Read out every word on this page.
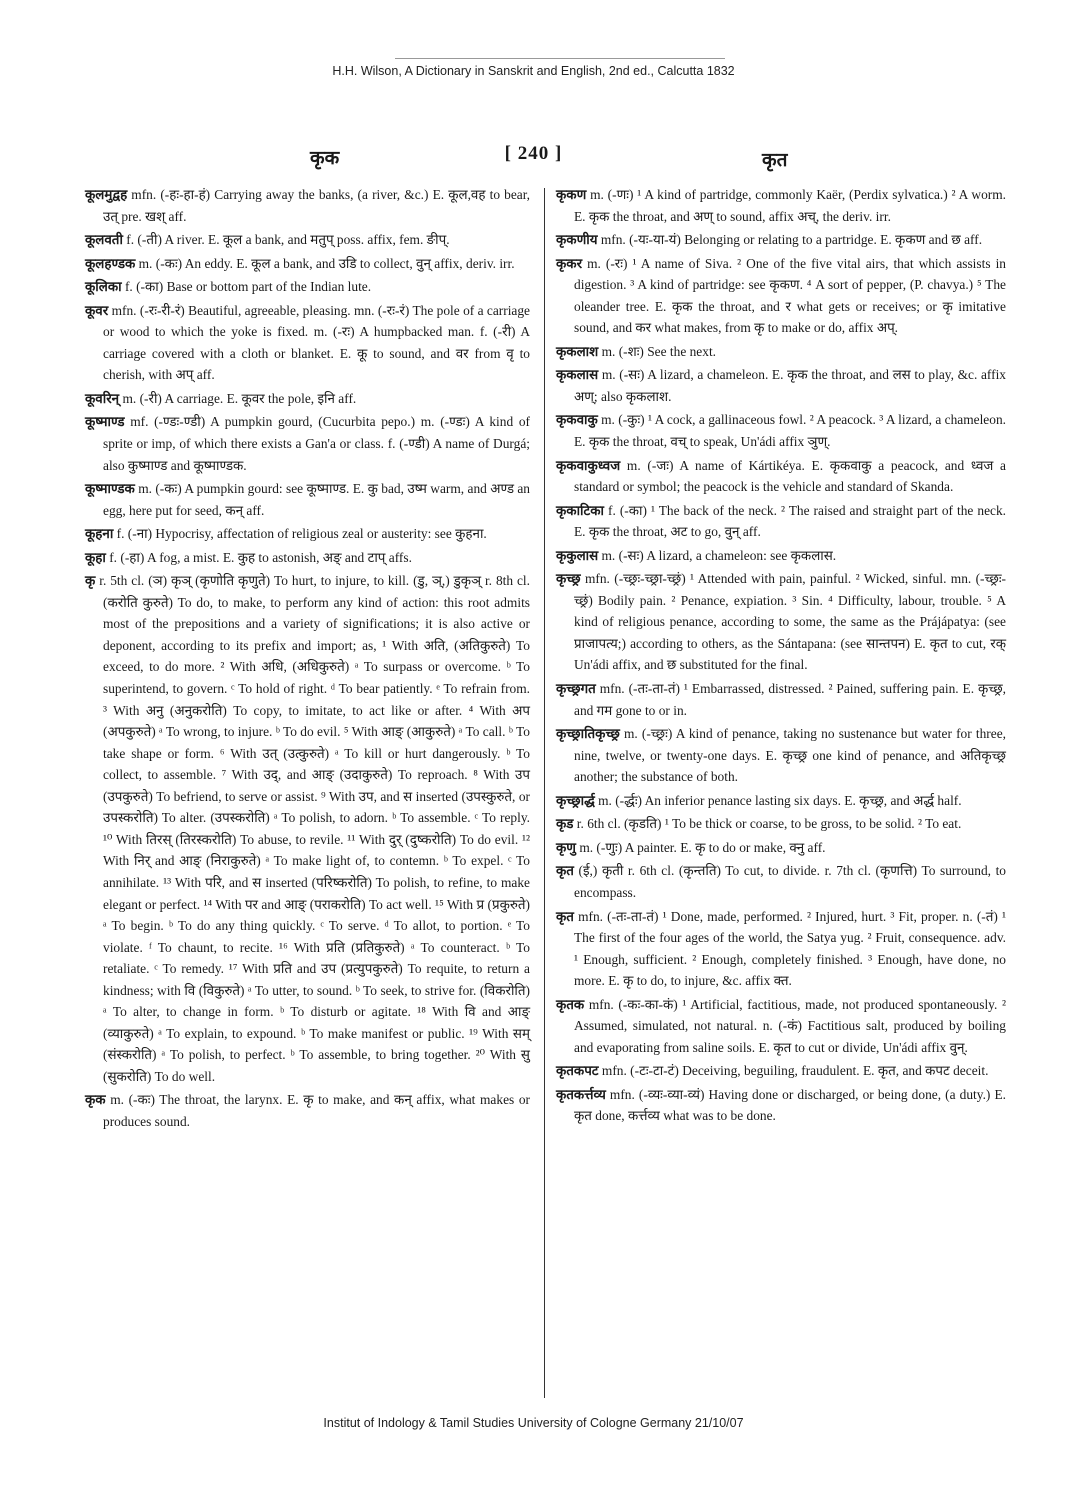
H.H. Wilson, A Dictionary in Sanskrit and English, 2nd ed., Calcutta 1832
कृक	[ 240 ]	कृत
कूलमुद्वह mfn. (-हः-हा-हं) Carrying away the banks, (a river, &c.) E. कूल,वह to bear, उत् pre. खश् aff.
कूलवती f. (-ती) A river. E. कूल a bank, and मतुप् poss. affix, fem. ङीप्.
कूलहण्डक m. (-कः) An eddy. E. कूल a bank, and उडि to collect, वुन् affix, deriv. irr.
कूलिका f. (-का) Base or bottom part of the Indian lute.
कूवर mfn. (-रः-री-रं) Beautiful, agreeable, pleasing. mn. (-रः-रं) The pole of a carriage or wood to which the yoke is fixed. m. (-रः) A humpbacked man. f. (-री) A carriage covered with a cloth or blanket. E. कू to sound, and वर from वृ to cherish, with अप् aff.
कूवरिन् m. (-री) A carriage. E. कूवर the pole, इनि aff.
कूष्माण्ड mf. (-ण्डः-ण्डी) A pumpkin gourd, (Cucurbita pepo.) m. (-ण्डः) A kind of sprite or imp, of which there exists a Gan'a or class. f. (-ण्डी) A name of Durgá; also कुष्माण्ड and कूष्माण्डक.
कूष्माण्डक m. (-कः) A pumpkin gourd: see कूष्माण्ड. E. कु bad, उष्म warm, and अण्ड an egg, here put for seed, कन् aff.
कूहना f. (-ना) Hypocrisy, affectation of religious zeal or austerity: see कुहना.
कूहा f. (-हा) A fog, a mist. E. कुह to astonish, अङ् and टाप् affs.
कृ r. 5th cl. (ञ) कृञ् (कृणोति कृणुते) To hurt, to injure, to kill. (डु, ञ्,) डुकृञ् r. 8th cl. (करोति कुरुते) To do, to make, to perform any kind of action: this root admits most of the prepositions and a variety of significations; it is also active or deponent, according to its prefix and import; as, ¹ With अति, (अतिकुरुते) To exceed, to do more. ² With अधि, (अधिकुरुते) ᵃ To surpass or overcome. ᵇ To superintend, to govern. ᶜ To hold of right. ᵈ To bear patiently. ᵉ To refrain from. ³ With अनु (अनुकरोति) To copy, to imitate, to act like or after. ⁴ With अप (अपकुरुते) ᵃ To wrong, to injure. ᵇ To do evil. ⁵ With आङ् (आकुरुते) ᵃ To call. ᵇ To take shape or form. ⁶ With उत् (उत्कुरुते) ᵃ To kill or hurt dangerously. ᵇ To collect, to assemble. ⁷ With उद्, and आङ् (उदाकुरुते) To reproach. ⁸ With उप (उपकुरुते) To befriend, to serve or assist. ⁹ With उप, and स inserted (उपस्कुरुते, or उपस्करोति) To alter. (उपस्करोति) ᵃ To polish, to adorn. ᵇ To assemble. ᶜ To reply. ¹⁰ With तिरस् (तिरस्करोति) To abuse, to revile. ¹¹ With दुर् (दुष्करोति) To do evil. ¹² With निर् and आङ् (निराकुरुते) ᵃ To make light of, to contemn. ᵇ To expel. ᶜ To annihilate. ¹³ With परि, and स inserted (परिष्करोति) To polish, to refine, to make elegant or perfect. ¹⁴ With पर and आङ् (पराकरोति) To act well. ¹⁵ With प्र (प्रकुरुते) ᵃ To begin. ᵇ To do any thing quickly. ᶜ To serve. ᵈ To allot, to portion. ᵉ To violate. ᶠ To chaunt, to recite. ¹⁶ With प्रति (प्रतिकुरुते) ᵃ To counteract. ᵇ To retaliate. ᶜ To remedy. ¹⁷ With प्रति and उप (प्रत्युपकुरुते) To requite, to return a kindness; with वि (विकुरुते) ᵃ To utter, to sound. ᵇ To seek, to strive for. (विकरोति) ᵃ To alter, to change in form. ᵇ To disturb or agitate. ¹⁸ With वि and आङ् (व्याकुरुते) ᵃ To explain, to expound. ᵇ To make manifest or public. ¹⁹ With सम् (संस्करोति) ᵃ To polish, to perfect. ᵇ To assemble, to bring together. ²⁰ With सु (सुकरोति) To do well.
कृक m. (-कः) The throat, the larynx. E. कृ to make, and कन् affix, what makes or produces sound.
कृकण m. (-णः) ¹ A kind of partridge, commonly Kaër, (Perdix sylvatica.) ² A worm. E. कृक the throat, and अण् to sound, affix अच्, the deriv. irr.
कृकणीय mfn. (-यः-या-यं) Belonging or relating to a partridge. E. कृकण and छ aff.
कृकर m. (-रः) ¹ A name of Siva. ² One of the five vital airs, that which assists in digestion. ³ A kind of partridge: see कृकण. ⁴ A sort of pepper, (P. chavya.) ⁵ The oleander tree. E. कृक the throat, and र what gets or receives; or कृ imitative sound, and कर what makes, from कृ to make or do, affix अप्.
कृकलाश m. (-शः) See the next.
कृकलास m. (-सः) A lizard, a chameleon. E. कृक the throat, and लस to play, &c. affix अण्; also कृकलाश.
कृकवाकु m. (-कुः) ¹ A cock, a gallinaceous fowl. ² A peacock. ³ A lizard, a chameleon. E. कृक the throat, वच् to speak, Un'ádi affix ञुण्.
कृकवाकुध्वज m. (-जः) A name of Kártikéya. E. कृकवाकु a peacock, and ध्वज a standard or symbol; the peacock is the vehicle and standard of Skanda.
कृकाटिका f. (-का) ¹ The back of the neck. ² The raised and straight part of the neck. E. कृक the throat, अट to go, वुन् aff.
कृकुलास m. (-सः) A lizard, a chameleon: see कृकलास.
कृच्छ्र mfn. (-च्छ्रः-च्छ्रा-च्छ्रं) ¹ Attended with pain, painful. ² Wicked, sinful. mn. (-च्छ्रः-च्छ्रं) Bodily pain. ² Penance, expiation. ³ Sin. ⁴ Difficulty, labour, trouble. ⁵ A kind of religious penance, according to some, the same as the Prájápatya: (see प्राजापत्य;) according to others, as the Sántapana: (see सान्तपन) E. कृत to cut, रक् Un'ádi affix, and छ substituted for the final.
कृच्छ्रगत mfn. (-तः-ता-तं) ¹ Embarrassed, distressed. ² Pained, suffering pain. E. कृच्छ्र, and गम gone to or in.
कृच्छ्रातिकृच्छ्र m. (-च्छ्रः) A kind of penance, taking no sustenance but water for three, nine, twelve, or twenty-one days. E. कृच्छ्र one kind of penance, and अतिकृच्छ्र another; the substance of both.
कृच्छ्रार्द्ध m. (-र्द्धः) An inferior penance lasting six days. E. कृच्छ्र, and अर्द्ध half.
कृड r. 6th cl. (कृडति) ¹ To be thick or coarse, to be gross, to be solid. ² To eat.
कृणु m. (-णुः) A painter. E. कृ to do or make, क्नु aff.
कृत (ई,) कृती r. 6th cl. (कृन्तति) To cut, to divide. r. 7th cl. (कृणत्ति) To surround, to encompass.
कृत mfn. (-तः-ता-तं) ¹ Done, made, performed. ² Injured, hurt. ³ Fit, proper. n. (-तं) ¹ The first of the four ages of the world, the Satya yug. ² Fruit, consequence. adv. ¹ Enough, sufficient. ² Enough, completely finished. ³ Enough, have done, no more. E. कृ to do, to injure, &c. affix क्त.
कृतक mfn. (-कः-का-कं) ¹ Artificial, factitious, made, not produced spontaneously. ² Assumed, simulated, not natural. n. (-कं) Factitious salt, produced by boiling and evaporating from saline soils. E. कृत to cut or divide, Un'ádi affix वुन्.
कृतकपट mfn. (-टः-टा-टं) Deceiving, beguiling, fraudulent. E. कृत, and कपट deceit.
कृतकर्त्तव्य mfn. (-व्यः-व्या-व्यं) Having done or discharged, or being done, (a duty.) E. कृत done, कर्त्तव्य what was to be done.
Institut of Indology & Tamil Studies University of Cologne Germany 21/10/07
